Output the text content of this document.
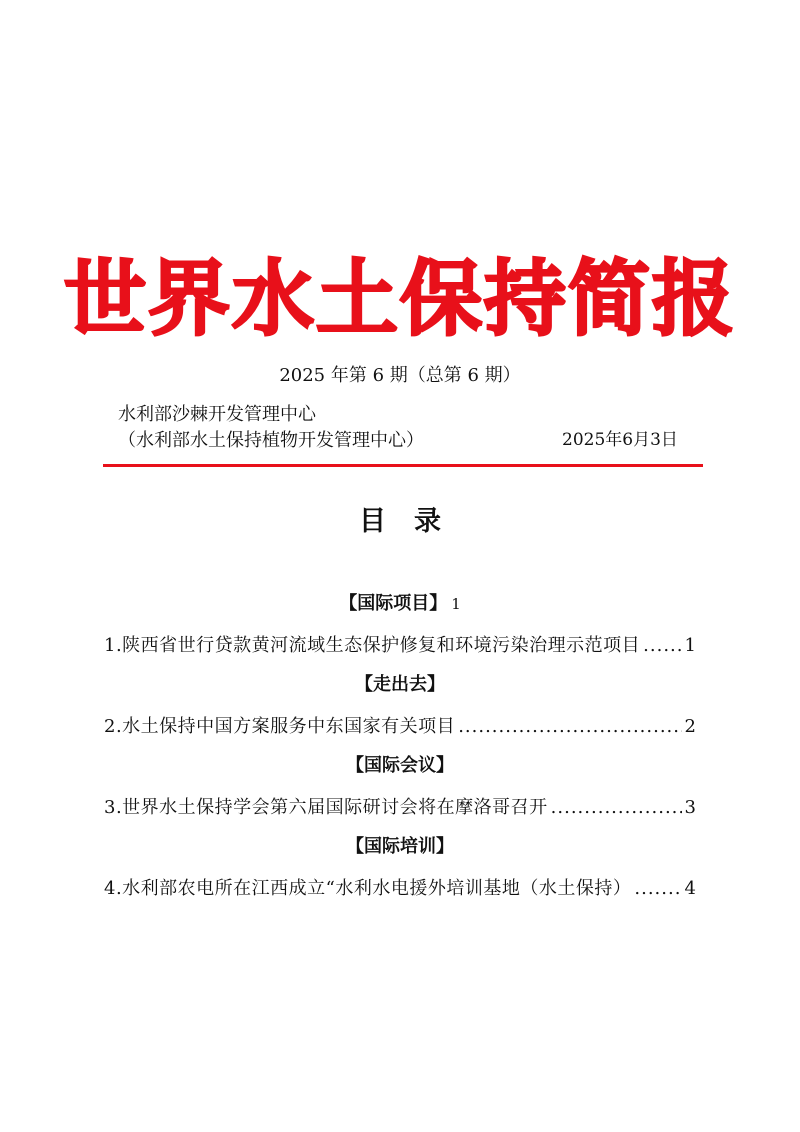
世界水土保持简报
2025 年第 6 期（总第 6 期）
水利部沙棘开发管理中心
（水利部水土保持植物开发管理中心）	2025年6月3日
目 录
【国际项目】 1
1.陕西省世行贷款黄河流域生态保护修复和环境污染治理示范项目 ..... 1
【走出去】
2.水土保持中国方案服务中东国家有关项目 .....	2
【国际会议】
3.世界水土保持学会第六届国际研讨会将在摩洛哥召开 .....	3
【国际培训】
4.水利部农电所在江西成立“水利水电援外培训基地（水土保持） .....	4
